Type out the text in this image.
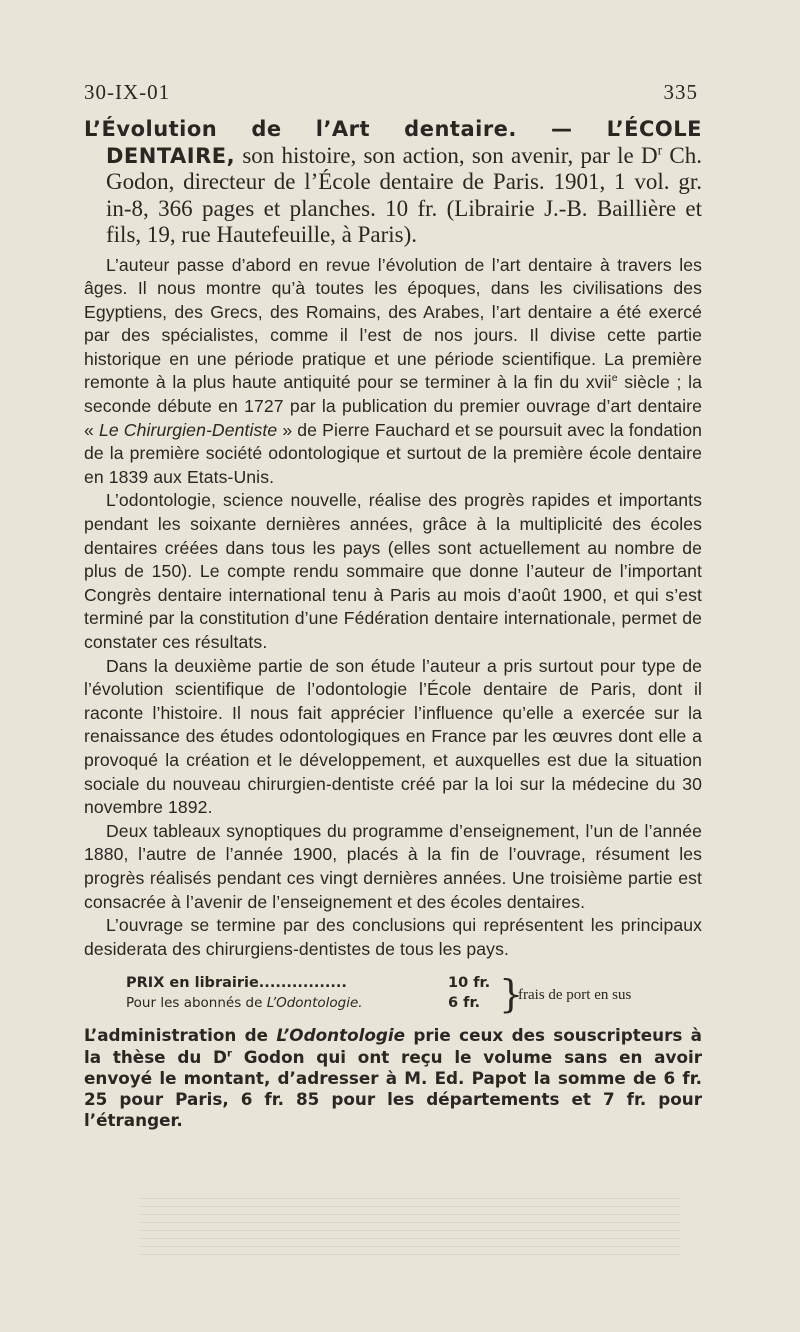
30-IX-01	335

L’Évolution de l’Art dentaire. — L’ÉCOLE DENTAIRE, son histoire, son action, son avenir, par le $D^r$ Ch. Godon, directeur de l’École dentaire de Paris. 1901, 1 vol. gr. in-8, 366 pages et planches. 10 fr. (Librairie J.-B. Baillière et fils, 19, rue Hautefeuille, à Paris).

L’auteur passe d’abord en revue l’évolution de l’art dentaire à travers les âges. Il nous montre qu’à toutes les époques, dans les civilisations des Egyptiens, des Grecs, des Romains, des Arabes, l’art dentaire a été exercé par des spécialistes, comme il l’est de nos jours. Il divise cette partie historique en une période pratique et une période scientifique. La première remonte à la plus haute antiquité pour se terminer à la fin du xvii$^e$ siècle ; la seconde débute en 1727 par la publication du premier ouvrage d’art dentaire « Le Chirurgien-Dentiste » de Pierre Fauchard et se poursuit avec la fondation de la première société odontologique et surtout de la première école dentaire en 1839 aux Etats-Unis.

L’odontologie, science nouvelle, réalise des progrès rapides et importants pendant les soixante dernières années, grâce à la multiplicité des écoles dentaires créées dans tous les pays (elles sont actuellement au nombre de plus de 150). Le compte rendu sommaire que donne l’auteur de l’important Congrès dentaire international tenu à Paris au mois d’août 1900, et qui s’est terminé par la constitution d’une Fédération dentaire internationale, permet de constater ces résultats.

Dans la deuxième partie de son étude l’auteur a pris surtout pour type de l’évolution scientifique de l’odontologie l’École dentaire de Paris, dont il raconte l’histoire. Il nous fait apprécier l’influence qu’elle a exercée sur la renaissance des études odontologiques en France par les œuvres dont elle a provoqué la création et le développement, et auxquelles est due la situation sociale du nouveau chirurgien-dentiste créé par la loi sur la médecine du 30 novembre 1892.

Deux tableaux synoptiques du programme d’enseignement, l’un de l’année 1880, l’autre de l’année 1900, placés à la fin de l’ouvrage, résument les progrès réalisés pendant ces vingt dernières années. Une troisième partie est consacrée à l’avenir de l’enseignement et des écoles dentaires.

L’ouvrage se termine par des conclusions qui représentent les principaux desiderata des chirurgiens-dentistes de tous les pays.

PRIX en librairie................	10 fr.
Pour les abonnés de L’Odontologie.	6 fr. }
frais de port en sus

L’administration de L’Odontologie prie ceux des souscripteurs à la thèse du $D^r$ Godon qui ont reçu le volume sans en avoir envoyé le montant, d’adresser à M. Ed. Papot la somme de 6 fr. 25 pour Paris, 6 fr. 85 pour les départements et 7 fr. pour l’étranger.
